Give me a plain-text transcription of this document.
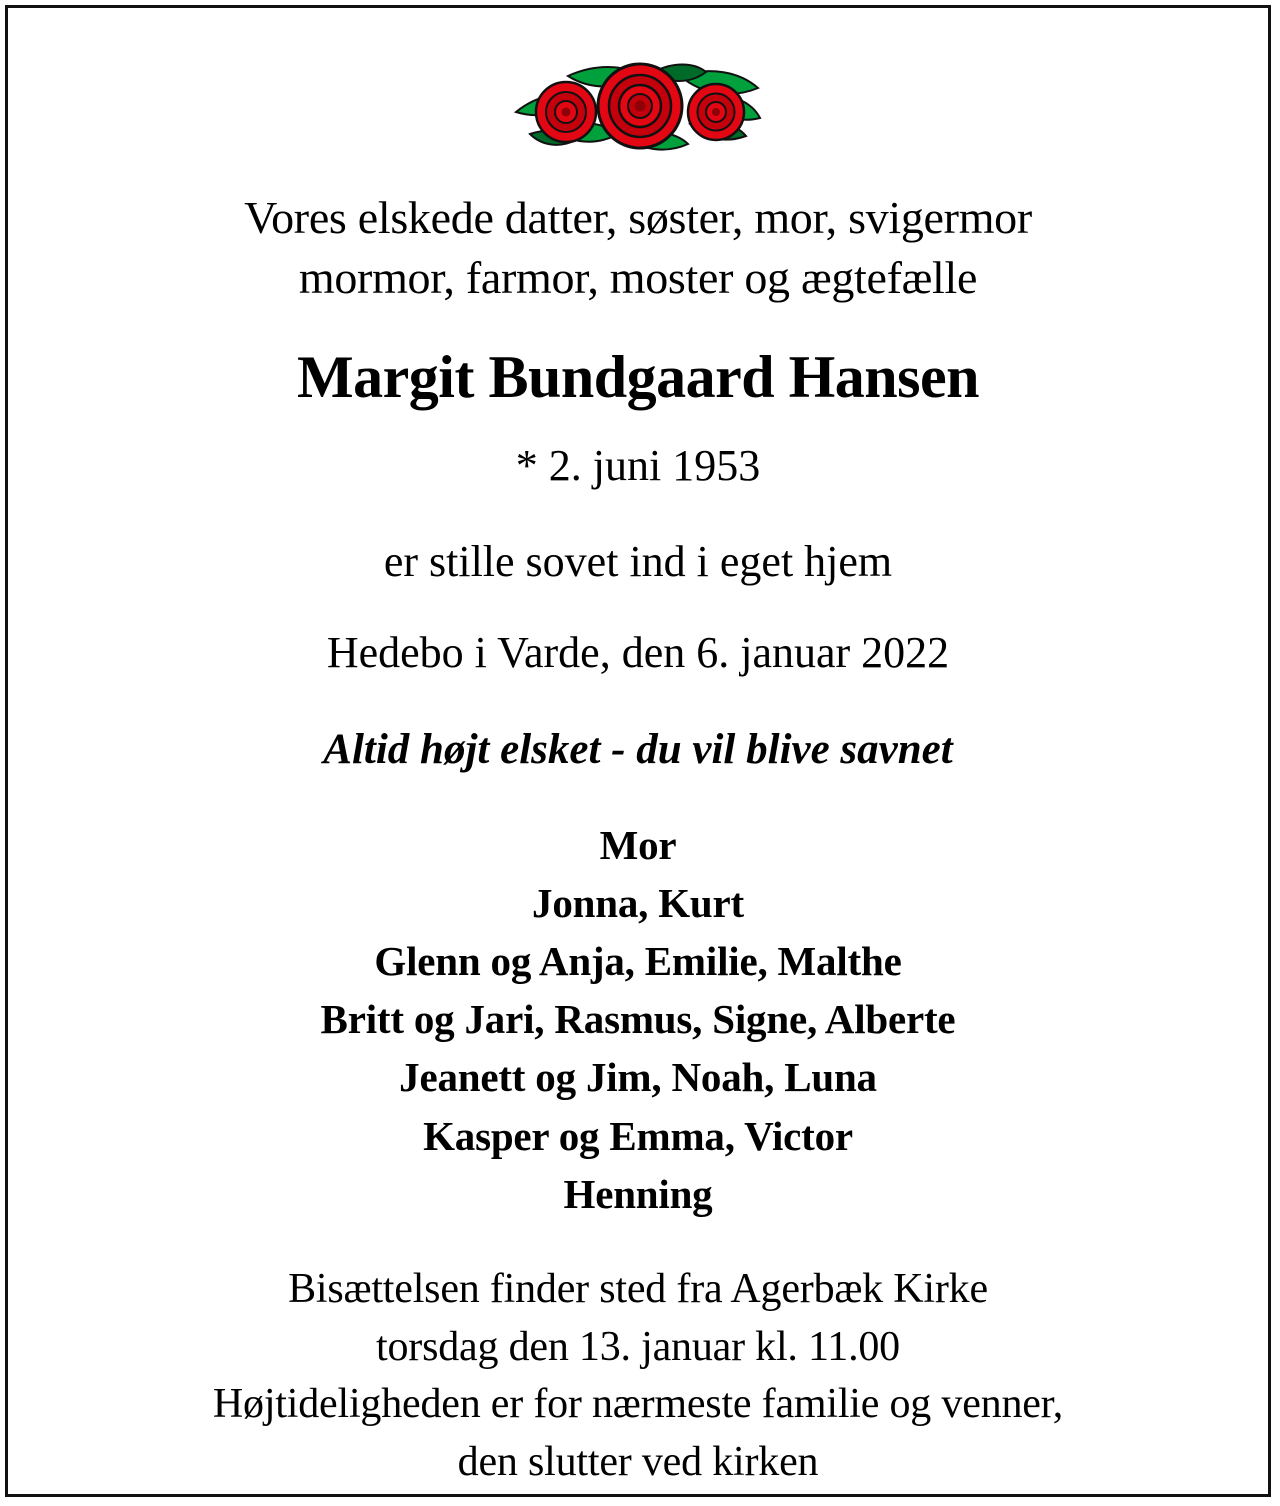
Vores elskede datter, søster, mor, svigermor
mormor, farmor, moster og ægtefælle
Margit Bundgaard Hansen
* 2. juni 1953
er stille sovet ind i eget hjem
Hedebo i Varde, den 6. januar 2022
Altid højt elsket - du vil blive savnet
Mor
Jonna, Kurt
Glenn og Anja, Emilie, Malthe
Britt og Jari, Rasmus, Signe, Alberte
Jeanett og Jim, Noah, Luna
Kasper og Emma, Victor
Henning
Bisættelsen finder sted fra Agerbæk Kirke
torsdag den 13. januar kl. 11.00
Højtideligheden er for nærmeste familie og venner,
den slutter ved kirken
